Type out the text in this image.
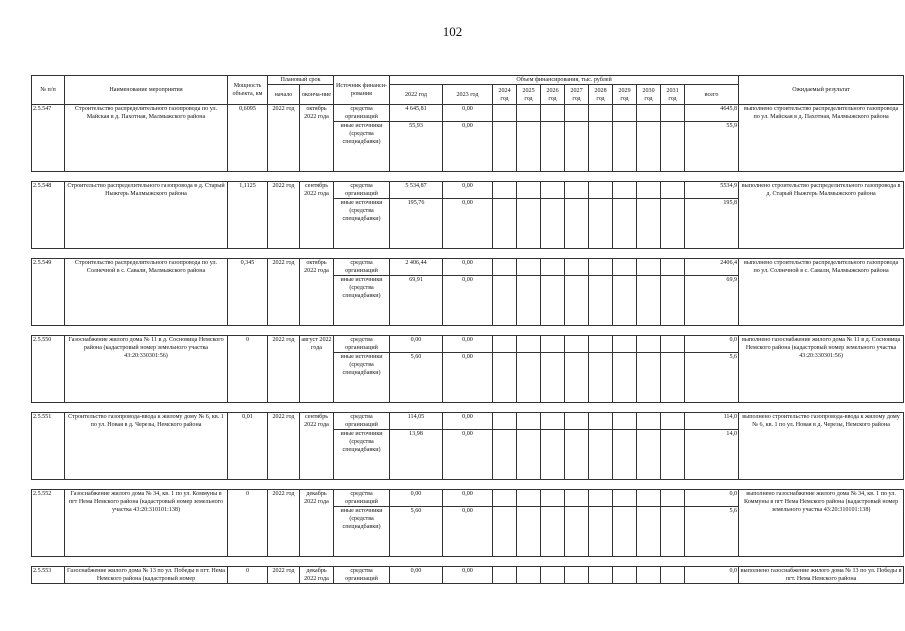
102
№ п/п	Наименование мероприятия	Мощность объекта, км	Плановый срок		Источник финанси-рования	Объем финансирования, тыс. рублей											Ожидаемый результат
			начало	оконча-ние		2022 год	2023 год	2024 год	2025 год	2026 год	2027 год	2028 год	2029 год	2030 год	2031 год	всего	
2.5.547	Строительство распределительного газопровода по ул. Майская в д. Пахотная, Малмыжского района	0,6095	2022 год	октябрь 2022 года	средства организаций	4 645,81	0,00									4645,8	выполнено строительство распределительного газопровода по ул. Майская в д. Пахотная, Малмыжского района
					иные источники (средства спецнадбавки)	55,93	0,00									55,9	

2.5.548	Строительство распределительного газопровода в д. Старый Ныжгерь Малмыжского района	1,1125	2022 год	сентябрь 2022 года	средства организаций	5 534,87	0,00									5534,9	выполнено строительство распределительного газопровода в д. Старый Ныжгерь Малмыжского района
					иные источники (средства спецнадбавки)	195,76	0,00									195,8	

2.5.549	Строительство распределительного газопровода по ул. Солнечной в с. Савали, Малмыжского района	0,345	2022 год	октябрь 2022 года	средства организаций	2 406,44	0,00									2406,4	выполнено строительство распределительного газопровода по ул. Солнечной в с. Савали, Малмыжского района
					иные источники (средства спецнадбавки)	69,91	0,00									69,9	

2.5.550	Газоснабжение жилого дома № 11 в д. Сосновица Немского района (кадастровый номер земельного участка 43:20:330301:56)	0	2022 год	август 2022 года	средства организаций	0,00	0,00									0,0	выполнено газоснабжение жилого дома № 11 в д. Сосновица Немского района (кадастровый номер земельного участка 43:20:330301:56)
					иные источники (средства спецнадбавки)	5,60	0,00									5,6	

2.5.551	Строительство газопровода-ввода к жилому дому № 6, кв. 1 по ул. Новая в д. Черезы, Немского района	0,01	2022 год	сентябрь 2022 года	средства организаций	114,05	0,00									114,0	выполнено строительство газопровода-ввода к жилому дому № 6, кв. 1 по ул. Новая в д. Черезы, Немского района
					иные источники (средства спецнадбавки)	13,98	0,00									14,0	

2.5.552	Газоснабжение жилого дома № 34, кв. 1 по ул. Коммуны в пгт Нема Немского района (кадастровый номер земельного участка 43:20:310101:138)	0	2022 год	декабрь 2022 года	средства организаций	0,00	0,00									0,0	выполнено газоснабжение жилого дома № 34, кв. 1 по ул. Коммуны в пгт Нема Немского района (кадастровый номер земельного участка 43:20:310101:138)
					иные источники (средства спецнадбавки)	5,60	0,00									5,6	

2.5.553	Газоснабжение жилого дома № 13 по ул. Победы в пгт. Нема Немского района (кадастровый номер	0	2022 год	декабрь 2022 года	средства организаций	0,00	0,00									0,0	выполнено газоснабжение жилого дома № 13 по ул. Победы в пгт. Нема Немского района
